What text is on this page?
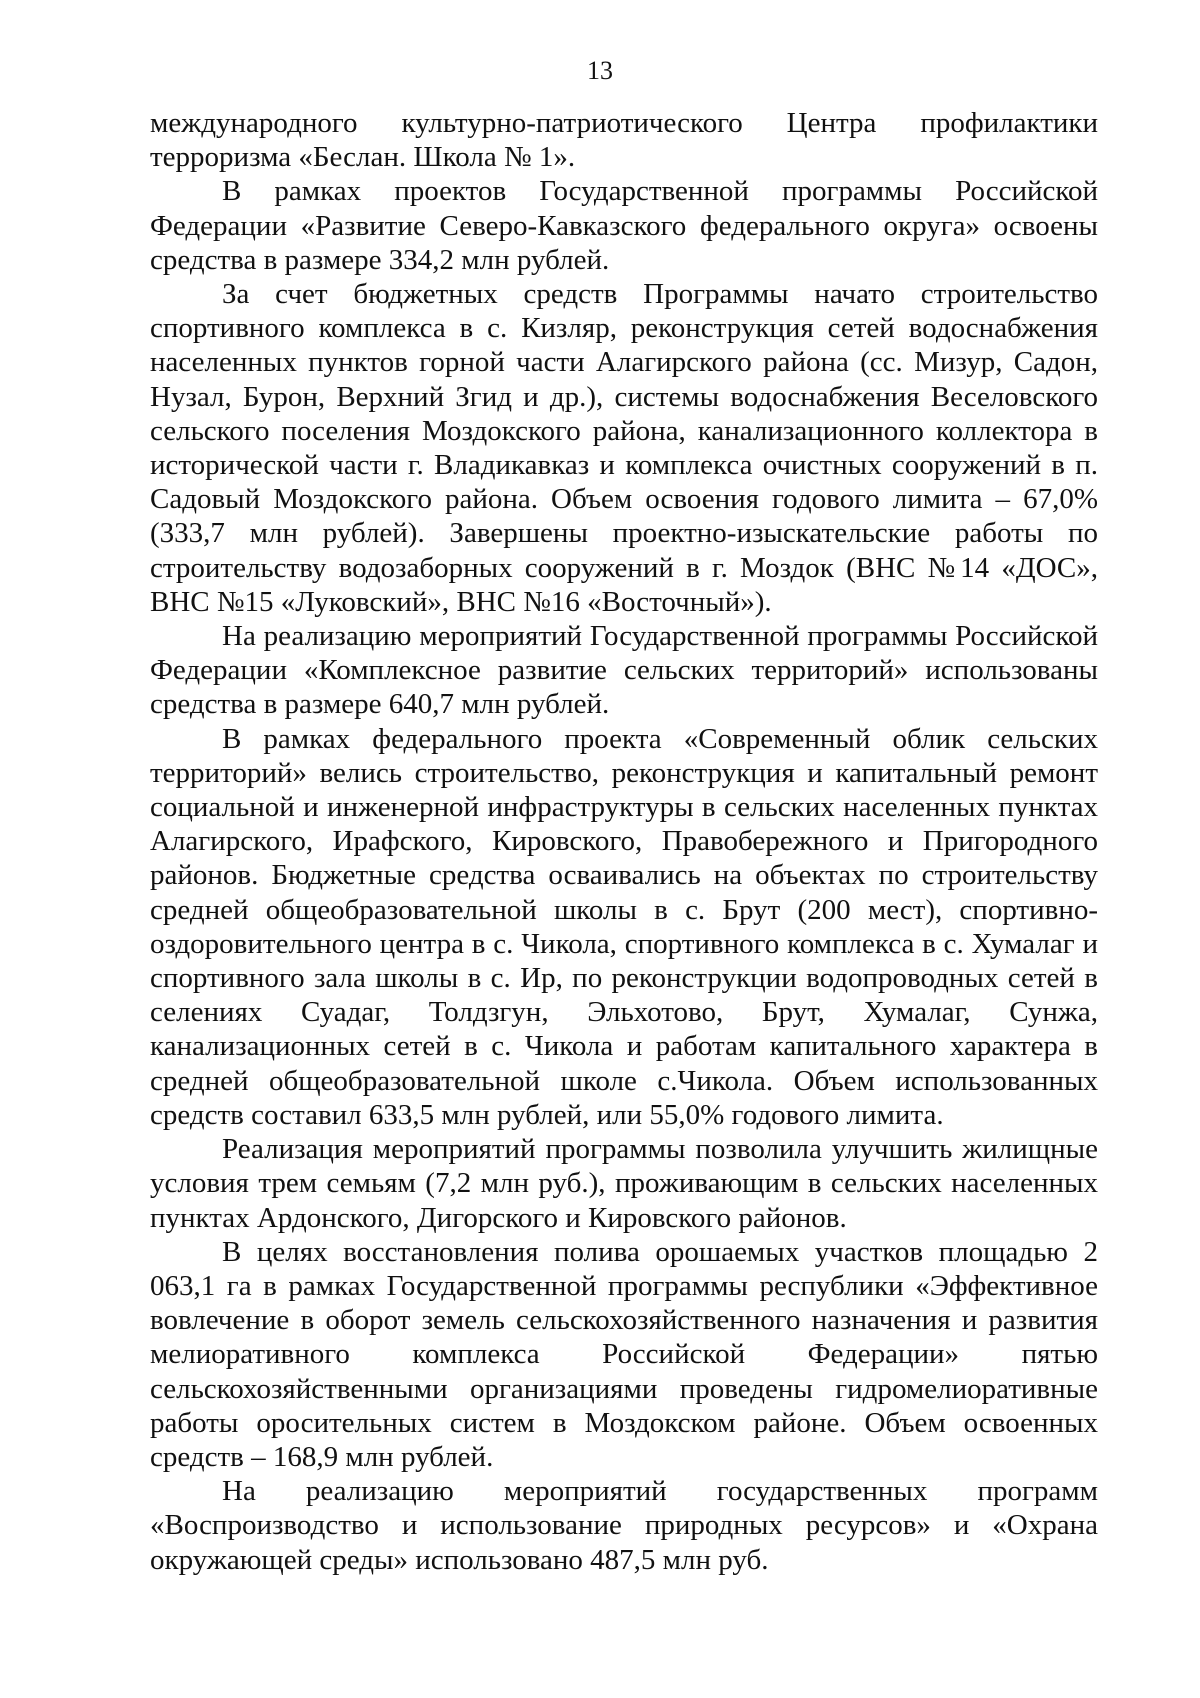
13

международного культурно-патриотического Центра профилактики терроризма «Беслан. Школа № 1».

В рамках проектов Государственной программы Российской Федерации «Развитие Северо-Кавказского федерального округа» освоены средства в размере 334,2 млн рублей.

За счет бюджетных средств Программы начато строительство спортивного комплекса в с. Кизляр, реконструкция сетей водоснабжения населенных пунктов горной части Алагирского района (сс. Мизур, Садон, Нузал, Бурон, Верхний Згид и др.), системы водоснабжения Веселовского сельского поселения Моздокского района, канализационного коллектора в исторической части г. Владикавказ и комплекса очистных сооружений в п. Садовый Моздокского района. Объем освоения годового лимита – 67,0% (333,7 млн рублей). Завершены проектно-изыскательские работы по строительству водозаборных сооружений в г. Моздок (ВНС №14 «ДОС», ВНС №15 «Луковский», ВНС №16 «Восточный»).

На реализацию мероприятий Государственной программы Российской Федерации «Комплексное развитие сельских территорий» использованы средства в размере 640,7 млн рублей.

В рамках федерального проекта «Современный облик сельских территорий» велись строительство, реконструкция и капитальный ремонт социальной и инженерной инфраструктуры в сельских населенных пунктах Алагирского, Ирафского, Кировского, Правобережного и Пригородного районов. Бюджетные средства осваивались на объектах по строительству средней общеобразовательной школы в с. Брут (200 мест), спортивно-оздоровительного центра в с. Чикола, спортивного комплекса в с. Хумалаг и спортивного зала школы в с. Ир, по реконструкции водопроводных сетей в селениях Суадаг, Толдзгун, Эльхотово, Брут, Хумалаг, Сунжа, канализационных сетей в с. Чикола и работам капитального характера в средней общеобразовательной школе с.Чикола. Объем использованных средств составил 633,5 млн рублей, или 55,0% годового лимита.

Реализация мероприятий программы позволила улучшить жилищные условия трем семьям (7,2 млн руб.), проживающим в сельских населенных пунктах Ардонского, Дигорского и Кировского районов.

В целях восстановления полива орошаемых участков площадью 2 063,1 га в рамках Государственной программы республики «Эффективное вовлечение в оборот земель сельскохозяйственного назначения и развития мелиоративного комплекса Российской Федерации» пятью сельскохозяйственными организациями проведены гидромелиоративные работы оросительных систем в Моздокском районе. Объем освоенных средств – 168,9 млн рублей.

На реализацию мероприятий государственных программ «Воспроизводство и использование природных ресурсов» и «Охрана окружающей среды» использовано 487,5 млн руб.
